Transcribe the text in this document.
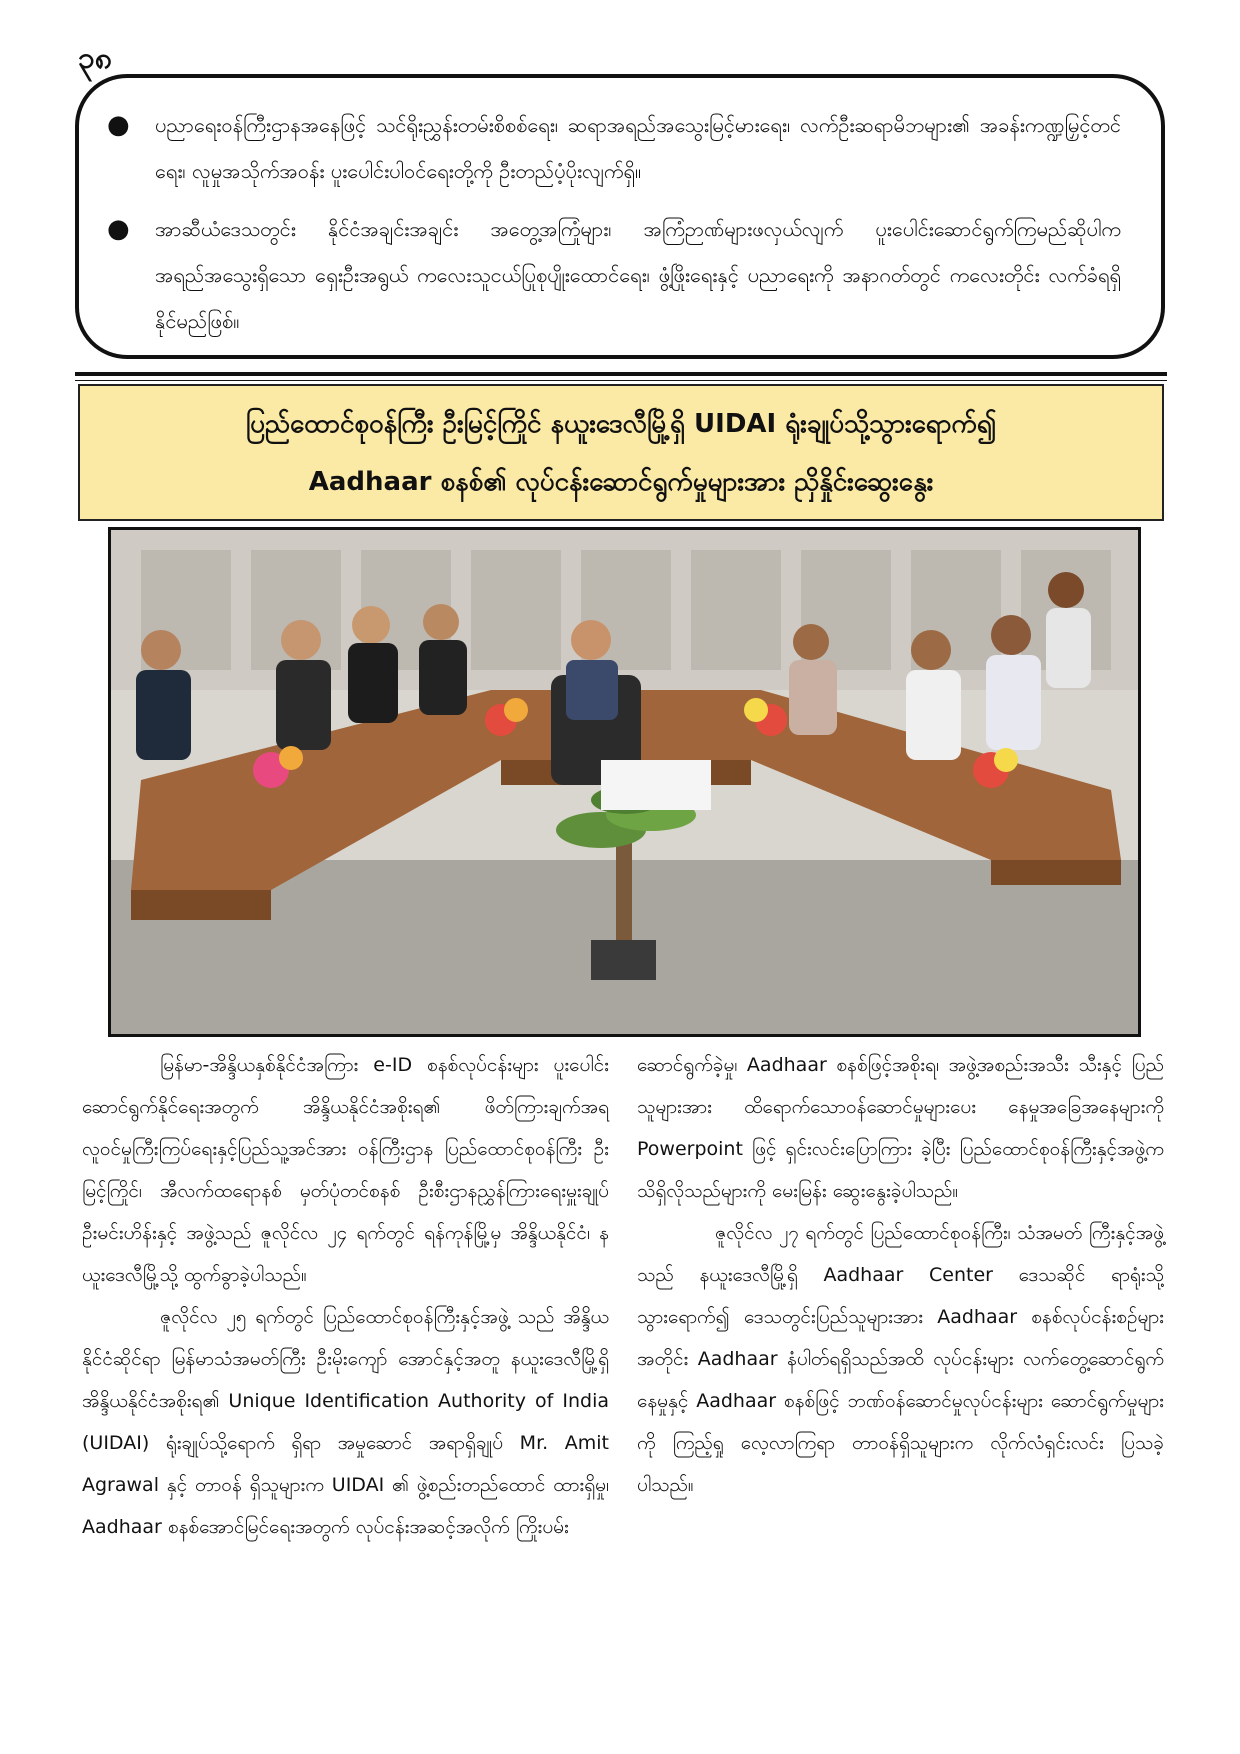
၃၈
●	ပညာရေးဝန်ကြီးဌာနအနေဖြင့် သင်ရိုးညွှန်းတမ်းစိစစ်ရေး၊ ဆရာအရည်အသွေးမြင့်မားရေး၊ လက်ဦးဆရာမိဘများ၏ အခန်းကဏ္ဍမြှင့်တင်ရေး၊ လူမှုအသိုက်အဝန်း ပူးပေါင်းပါဝင်ရေးတို့ကို ဦးတည်ပံ့ပိုးလျက်ရှိ။
●	အာဆီယံဒေသတွင်း နိုင်ငံအချင်းအချင်း အတွေ့အကြုံများ၊ အကြံဉာဏ်များဖလှယ်လျက် ပူးပေါင်းဆောင်ရွက်ကြမည်ဆိုပါက အရည်အသွေးရှိသော ရှေးဦးအရွယ် ကလေးသူငယ်ပြုစုပျိုးထောင်ရေး၊ ဖွံ့ဖြိုးရေးနှင့် ပညာရေးကို အနာဂတ်တွင် ကလေးတိုင်း လက်ခံရရှိနိုင်မည်ဖြစ်။
ပြည်ထောင်စုဝန်ကြီး ဦးမြင့်ကြိုင် နယူးဒေလီမြို့ရှိ UIDAI ရုံးချုပ်သို့သွားရောက်၍
Aadhaar စနစ်၏ လုပ်ငန်းဆောင်ရွက်မှုများအား ညှိနှိုင်းဆွေးနွေး

မြန်မာ-အိန္ဒိယနှစ်နိုင်ငံအကြား e-ID စနစ်လုပ်ငန်းများ ပူးပေါင်းဆောင်ရွက်နိုင်ရေးအတွက် အိန္ဒိယနိုင်ငံအစိုးရ၏ ဖိတ်ကြားချက်အရ လူဝင်မှုကြီးကြပ်ရေးနှင့်ပြည်သူ့အင်အား ဝန်ကြီးဌာန ပြည်ထောင်စုဝန်ကြီး ဦးမြင့်ကြိုင်၊ အီလက်ထရောနစ် မှတ်ပုံတင်စနစ် ဦးစီးဌာနညွှန်ကြားရေးမှူးချုပ် ဦးမင်းဟိန်းနှင့် အဖွဲ့သည် ဇူလိုင်လ ၂၄ ရက်တွင် ရန်ကုန်မြို့မှ အိန္ဒိယနိုင်ငံ၊ နယူးဒေလီမြို့သို့ ထွက်ခွာခဲ့ပါသည်။

ဇူလိုင်လ ၂၅ ရက်တွင် ပြည်ထောင်စုဝန်ကြီးနှင့်အဖွဲ့ သည် အိန္ဒိယနိုင်ငံဆိုင်ရာ မြန်မာသံအမတ်ကြီး ဦးမိုးကျော် အောင်နှင့်အတူ နယူးဒေလီမြို့ရှိ အိန္ဒိယနိုင်ငံအစိုးရ၏ Unique Identification Authority of India (UIDAI) ရုံးချုပ်သို့ရောက် ရှိရာ အမှုဆောင် အရာရှိချုပ် Mr. Amit Agrawal နှင့် တာဝန် ရှိသူများက UIDAI ၏ ဖွဲ့စည်းတည်ထောင် ထားရှိမှု၊ Aadhaar စနစ်အောင်မြင်ရေးအတွက် လုပ်ငန်းအဆင့်အလိုက် ကြိုးပမ်း

ဆောင်ရွက်ခဲ့မှု၊ Aadhaar စနစ်ဖြင့်အစိုးရ၊ အဖွဲ့အစည်းအသီး သီးနှင့် ပြည်သူများအား ထိရောက်သောဝန်ဆောင်မှုများပေး နေမှုအခြေအနေများကို Powerpoint ဖြင့် ရှင်းလင်းပြောကြား ခဲ့ပြီး ပြည်ထောင်စုဝန်ကြီးနှင့်အဖွဲ့က သိရှိလိုသည်များကို မေးမြန်း ဆွေးနွေးခဲ့ပါသည်။

ဇူလိုင်လ ၂၇ ရက်တွင် ပြည်ထောင်စုဝန်ကြီး၊ သံအမတ် ကြီးနှင့်အဖွဲ့သည် နယူးဒေလီမြို့ရှိ Aadhaar Center ဒေသဆိုင် ရာရုံးသို့ သွားရောက်၍ ဒေသတွင်းပြည်သူများအား Aadhaar စနစ်လုပ်ငန်းစဉ်များအတိုင်း Aadhaar နံပါတ်ရရှိသည်အထိ လုပ်ငန်းများ လက်တွေ့ဆောင်ရွက်နေမှုနှင့် Aadhaar စနစ်ဖြင့် ဘဏ်ဝန်ဆောင်မှုလုပ်ငန်းများ ဆောင်ရွက်မှုများကို ကြည့်ရှု လေ့လာကြရာ တာဝန်ရှိသူများက လိုက်လံရှင်းလင်း ပြသခဲ့ ပါသည်။
